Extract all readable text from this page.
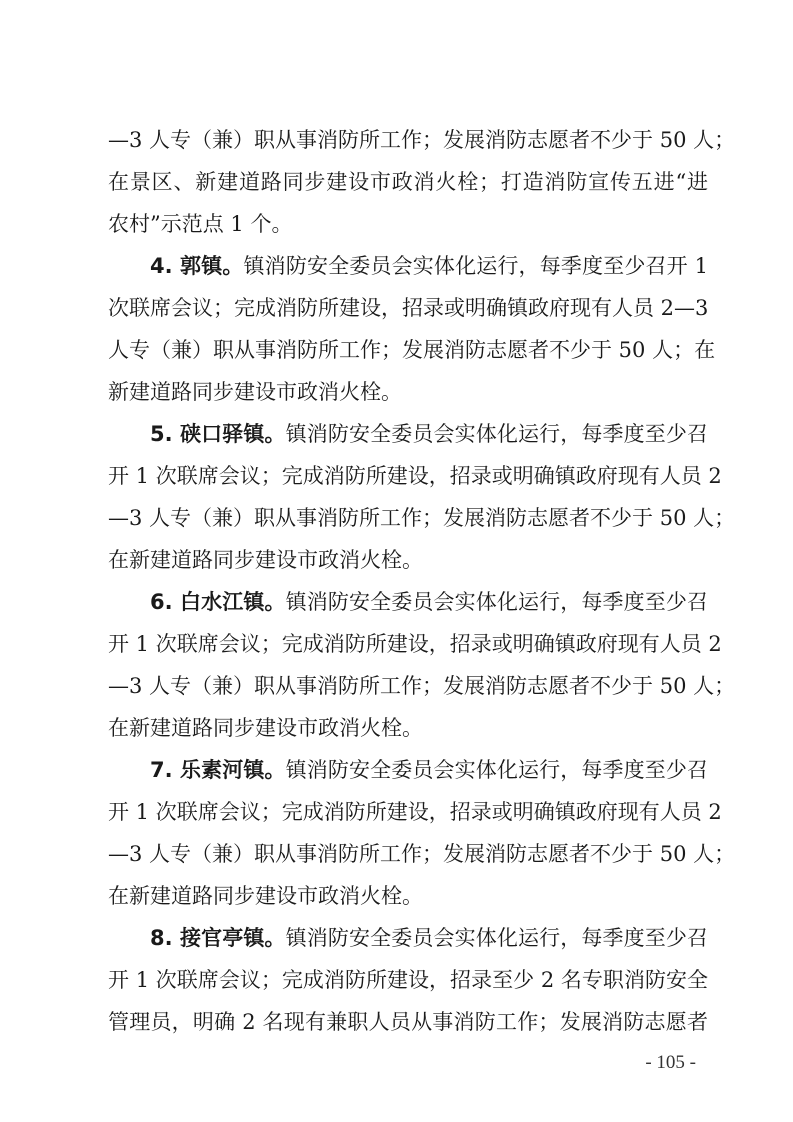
—3 人专（兼）职从事消防所工作；发展消防志愿者不少于 50 人；
在景区、新建道路同步建设市政消火栓；打造消防宣传五进“进
农村”示范点 1 个。
4. 郭镇。镇消防安全委员会实体化运行，每季度至少召开 1
次联席会议；完成消防所建设，招录或明确镇政府现有人员 2—3
人专（兼）职从事消防所工作；发展消防志愿者不少于 50 人；在
新建道路同步建设市政消火栓。
5. 硖口驿镇。镇消防安全委员会实体化运行，每季度至少召
开 1 次联席会议；完成消防所建设，招录或明确镇政府现有人员 2
—3 人专（兼）职从事消防所工作；发展消防志愿者不少于 50 人；
在新建道路同步建设市政消火栓。
6. 白水江镇。镇消防安全委员会实体化运行，每季度至少召
开 1 次联席会议；完成消防所建设，招录或明确镇政府现有人员 2
—3 人专（兼）职从事消防所工作；发展消防志愿者不少于 50 人；
在新建道路同步建设市政消火栓。
7. 乐素河镇。镇消防安全委员会实体化运行，每季度至少召
开 1 次联席会议；完成消防所建设，招录或明确镇政府现有人员 2
—3 人专（兼）职从事消防所工作；发展消防志愿者不少于 50 人；
在新建道路同步建设市政消火栓。
8. 接官亭镇。镇消防安全委员会实体化运行，每季度至少召
开 1 次联席会议；完成消防所建设，招录至少 2 名专职消防安全
管理员，明确 2 名现有兼职人员从事消防工作；发展消防志愿者
- 105 -
